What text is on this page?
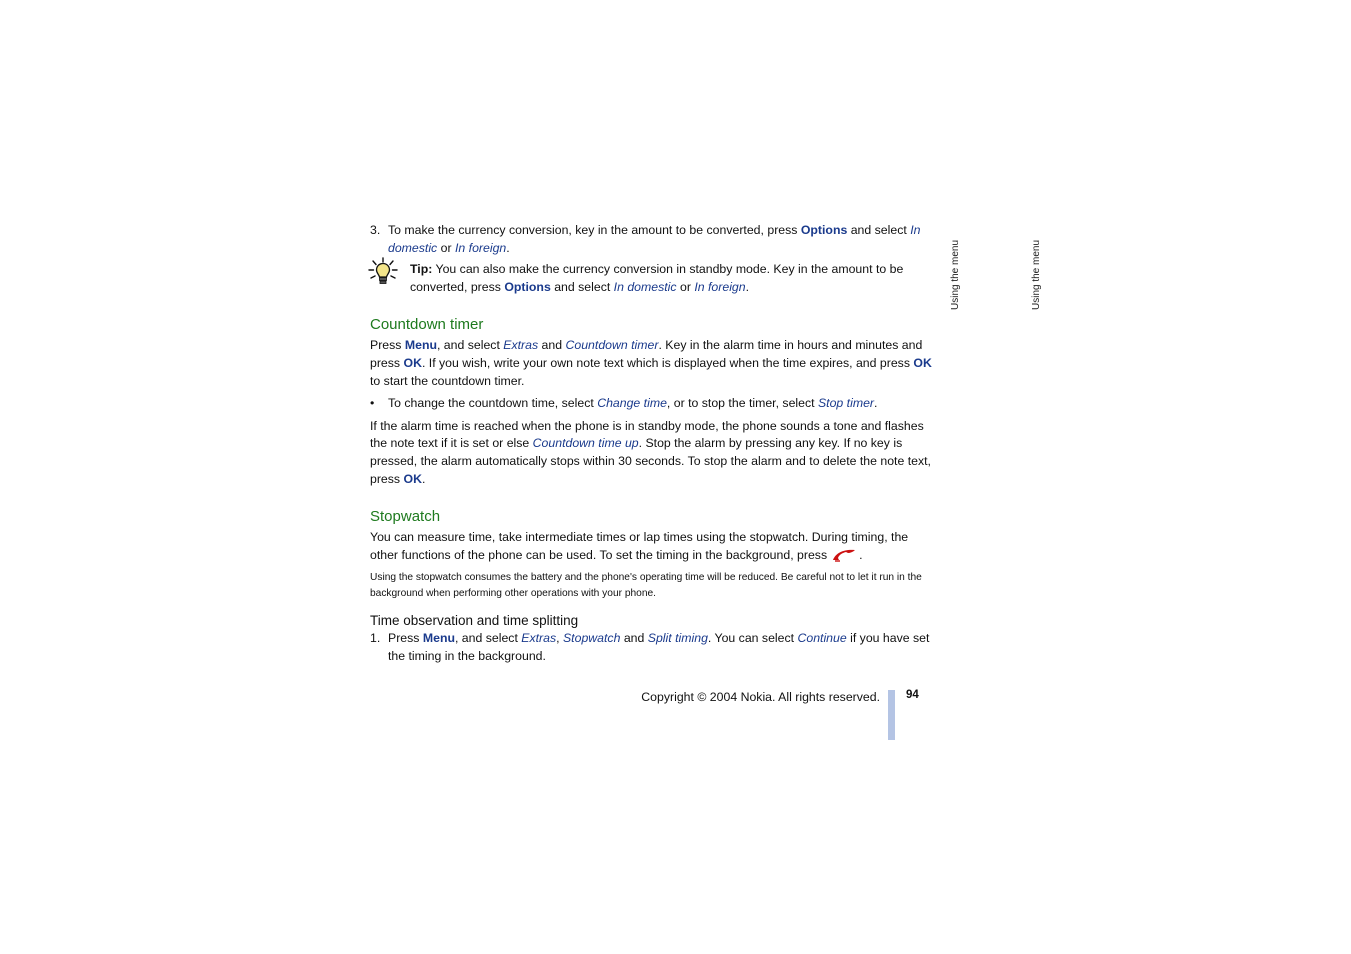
3. To make the currency conversion, key in the amount to be converted, press Options and select In domestic or In foreign.

Tip: You can also make the currency conversion in standby mode. Key in the amount to be converted, press Options and select In domestic or In foreign.

Countdown timer

Press Menu, and select Extras and Countdown timer. Key in the alarm time in hours and minutes and press OK. If you wish, write your own note text which is displayed when the time expires, and press OK to start the countdown timer.

• To change the countdown time, select Change time, or to stop the timer, select Stop timer.

If the alarm time is reached when the phone is in standby mode, the phone sounds a tone and flashes the note text if it is set or else Countdown time up. Stop the alarm by pressing any key. If no key is pressed, the alarm automatically stops within 30 seconds. To stop the alarm and to delete the note text, press OK.

Stopwatch

You can measure time, take intermediate times or lap times using the stopwatch. During timing, the other functions of the phone can be used. To set the timing in the background, press	.

Using the stopwatch consumes the battery and the phone's operating time will be reduced. Be careful not to let it run in the background when performing other operations with your phone.

Time observation and time splitting

1. Press Menu, and select Extras, Stopwatch and Split timing. You can select Continue if you have set the timing in the background.

Using the menu	Using the menu
Copyright © 2004 Nokia. All rights reserved. 94
